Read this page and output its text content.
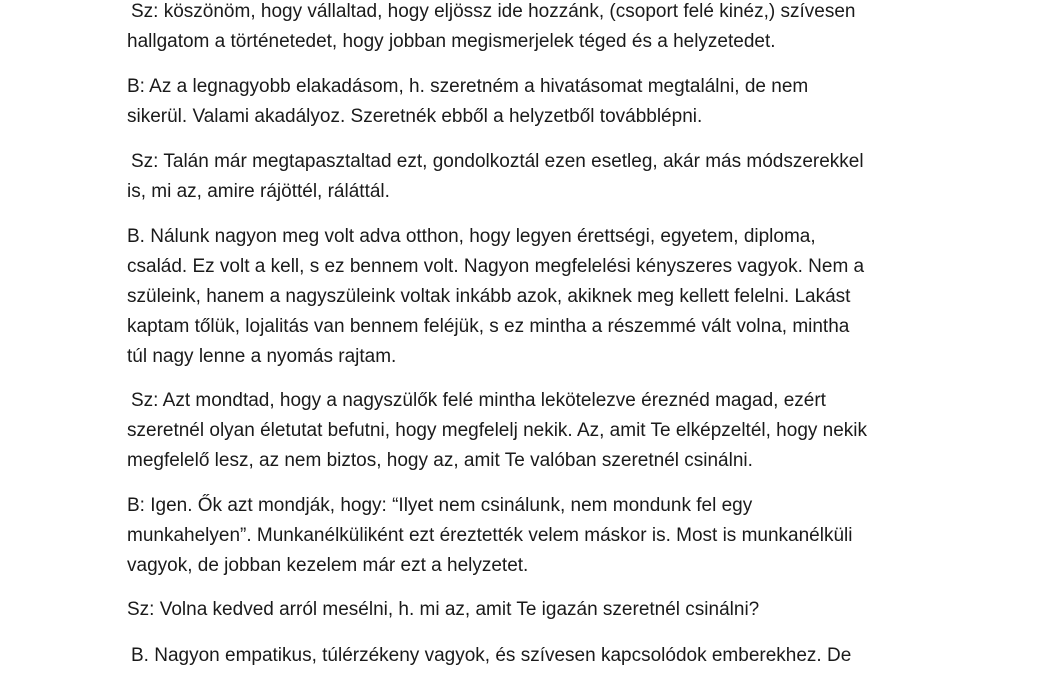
Sz: köszönöm, hogy vállaltad, hogy eljössz ide hozzánk, (csoport felé kinéz,) szívesen
hallgatom a történetedet, hogy jobban megismerjelek téged és a helyzetedet.
B: Az a legnagyobb elakadásom, h. szeretném a hivatásomat megtalálni, de nem
sikerül. Valami akadályoz. Szeretnék ebből a helyzetből továbblépni.
Sz: Talán már megtapasztaltad ezt, gondolkoztál ezen esetleg, akár más módszerekkel
is, mi az, amire rájöttél, ráláttál.
B. Nálunk nagyon meg volt adva otthon, hogy legyen érettségi, egyetem, diploma,
család. Ez volt a kell, s ez bennem volt. Nagyon megfelelési kényszeres vagyok. Nem a
szüleink, hanem a nagyszüleink voltak inkább azok, akiknek meg kellett felelni. Lakást
kaptam tőlük, lojalitás van bennem feléjük, s ez mintha a részemmé vált volna, mintha
túl nagy lenne a nyomás rajtam.
Sz: Azt mondtad, hogy a nagyszülők felé mintha lekötelezve éreznéd magad, ezért
szeretnél olyan életutat befutni, hogy megfelelj nekik. Az, amit Te elképzeltél, hogy nekik
megfelelő lesz, az nem biztos, hogy az, amit Te valóban szeretnél csinálni.
B: Igen. Ők azt mondják, hogy: “Ilyet nem csinálunk, nem mondunk fel egy
munkahelyen”. Munkanélküliként ezt éreztették velem máskor is. Most is munkanélküli
vagyok, de jobban kezelem már ezt a helyzetet.
Sz: Volna kedved arról mesélni, h. mi az, amit Te igazán szeretnél csinálni?
B. Nagyon empatikus, túlérzékeny vagyok, és szívesen kapcsolódok emberekhez. De
